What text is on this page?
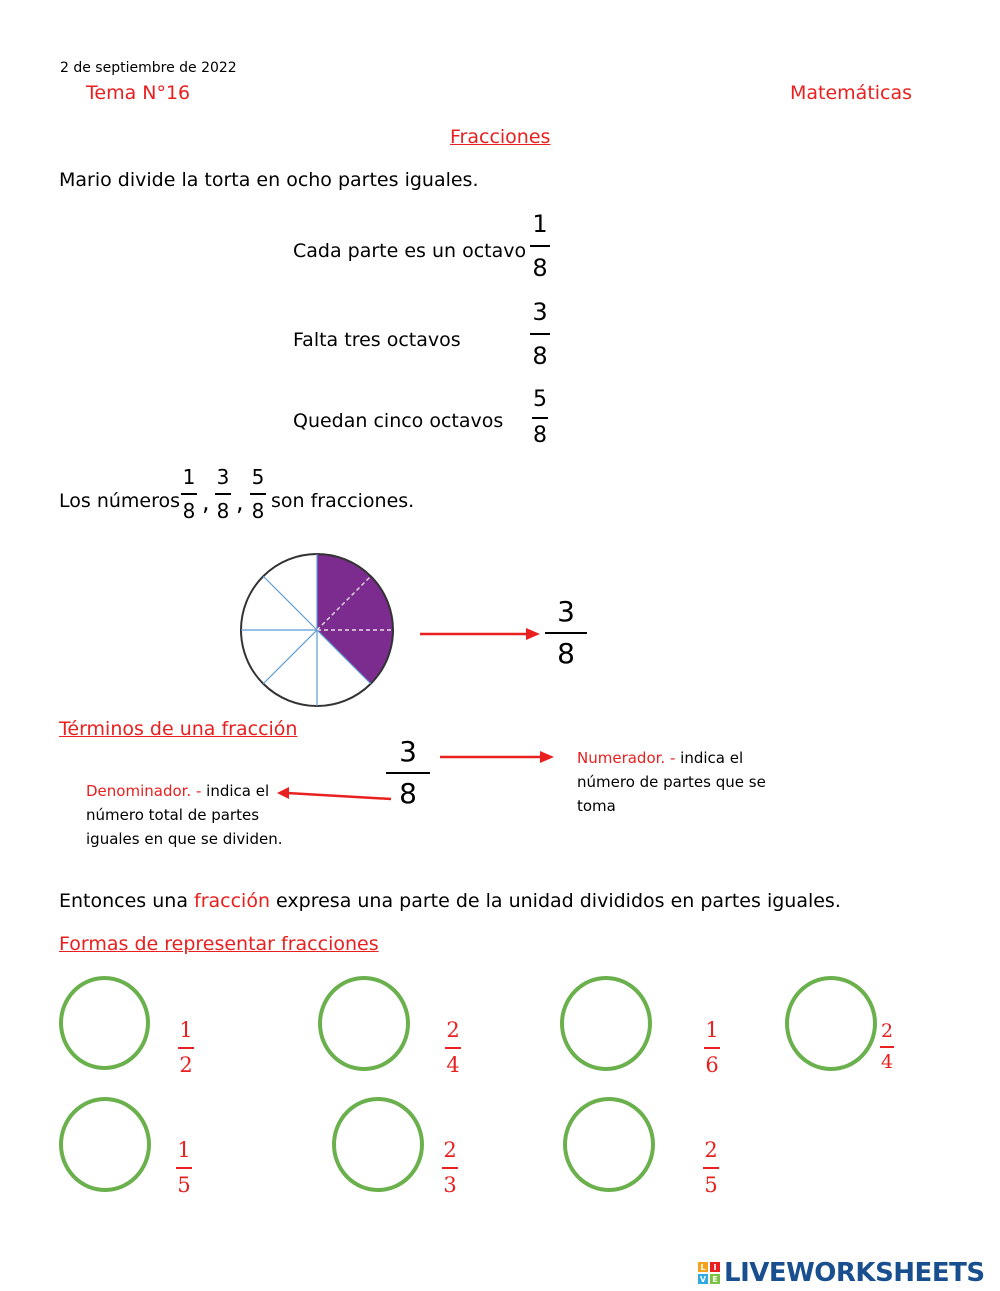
2 de septiembre de 2022
Tema N°16	Matemáticas
Fracciones
Mario divide la torta en ocho partes iguales.
Cada parte es un octavo
1
8
Falta tres octavos
3
8
Quedan cinco octavos
5
8
Los números
1
8 ,
3
8 ,
5
8 son fracciones.
3
8
Términos de una fracción
3
8
Numerador. - indica el
número de partes que se
toma
Denominador. - indica el
número total de partes
iguales en que se dividen.
Entonces una fracción expresa una parte de la unidad divididos en partes iguales.
Formas de representar fracciones
1
2
2
4
1
6
2
4
1
5
2
3
2
5
L I
V E LIVEWORKSHEETS
